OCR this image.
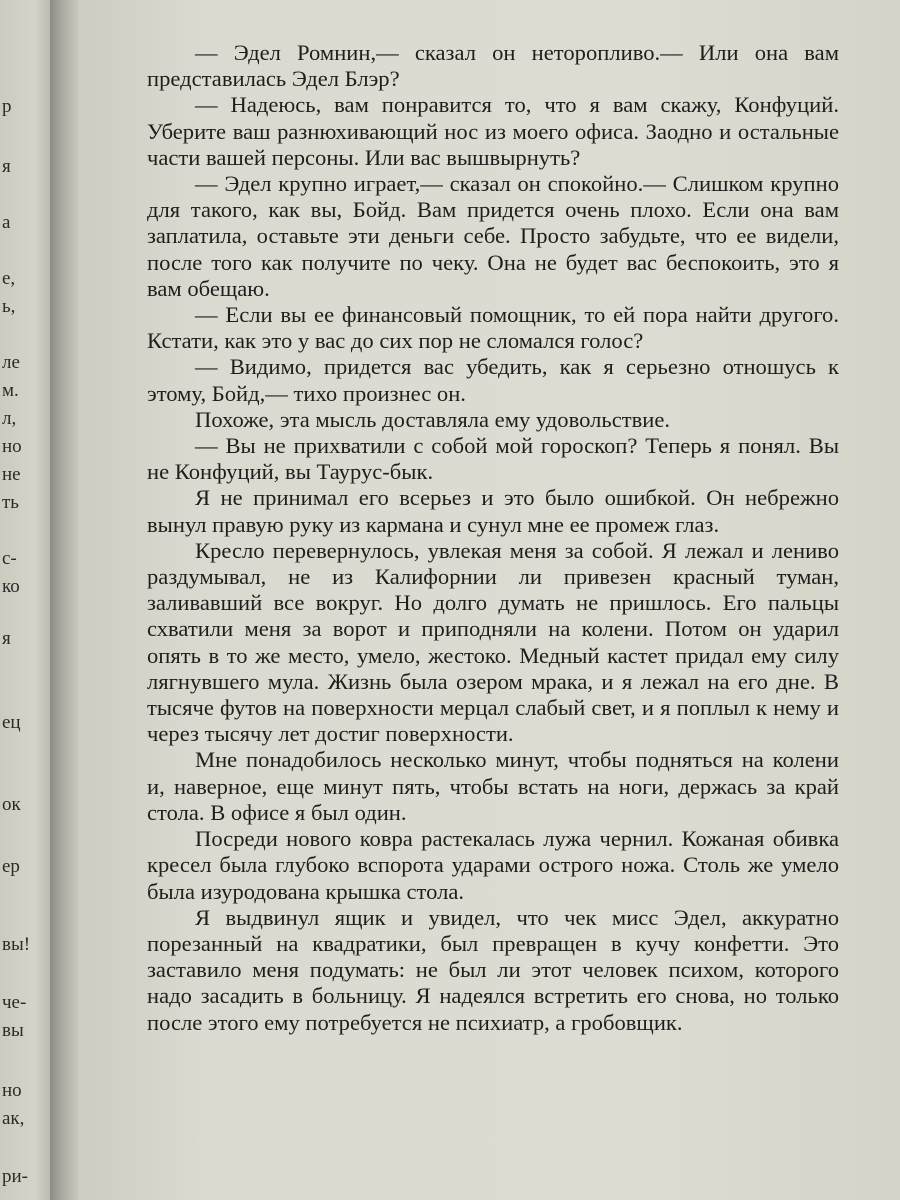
р
я
а
е,
ь,
ле
м.
л,
но
не
ть
с-
ко
я
ец
ок
ер
вы!
че-
вы
но
ак,
ри-

— Эдел Ромнин,— сказал он неторопливо.— Или она вам представилась Эдел Блэр?

— Надеюсь, вам понравится то, что я вам скажу, Конфуций. Уберите ваш разнюхивающий нос из моего офиса. Заодно и остальные части вашей персоны. Или вас вышвырнуть?

— Эдел крупно играет,— сказал он спокойно.— Слишком крупно для такого, как вы, Бойд. Вам придется очень плохо. Если она вам заплатила, оставьте эти деньги себе. Просто забудьте, что ее видели, после того как получите по чеку. Она не будет вас беспокоить, это я вам обещаю.

— Если вы ее финансовый помощник, то ей пора найти другого. Кстати, как это у вас до сих пор не сломался голос?

— Видимо, придется вас убедить, как я серьезно отношусь к этому, Бойд,— тихо произнес он.

Похоже, эта мысль доставляла ему удовольствие.

— Вы не прихватили с собой мой гороскоп? Теперь я понял. Вы не Конфуций, вы Таурус-бык.

Я не принимал его всерьез и это было ошибкой. Он небрежно вынул правую руку из кармана и сунул мне ее промеж глаз.

Кресло перевернулось, увлекая меня за собой. Я лежал и лениво раздумывал, не из Калифорнии ли привезен красный туман, заливавший все вокруг. Но долго думать не пришлось. Его пальцы схватили меня за ворот и приподняли на колени. Потом он ударил опять в то же место, умело, жестоко. Медный кастет придал ему силу лягнувшего мула. Жизнь была озером мрака, и я лежал на его дне. В тысяче футов на поверхности мерцал слабый свет, и я поплыл к нему и через тысячу лет достиг поверхности.

Мне понадобилось несколько минут, чтобы подняться на колени и, наверное, еще минут пять, чтобы встать на ноги, держась за край стола. В офисе я был один.

Посреди нового ковра растекалась лужа чернил. Кожаная обивка кресел была глубоко вспорота ударами острого ножа. Столь же умело была изуродована крышка стола.

Я выдвинул ящик и увидел, что чек мисс Эдел, аккуратно порезанный на квадратики, был превращен в кучу конфетти. Это заставило меня подумать: не был ли этот человек психом, которого надо засадить в больницу. Я надеялся встретить его снова, но только после этого ему потребуется не психиатр, а гробовщик.
